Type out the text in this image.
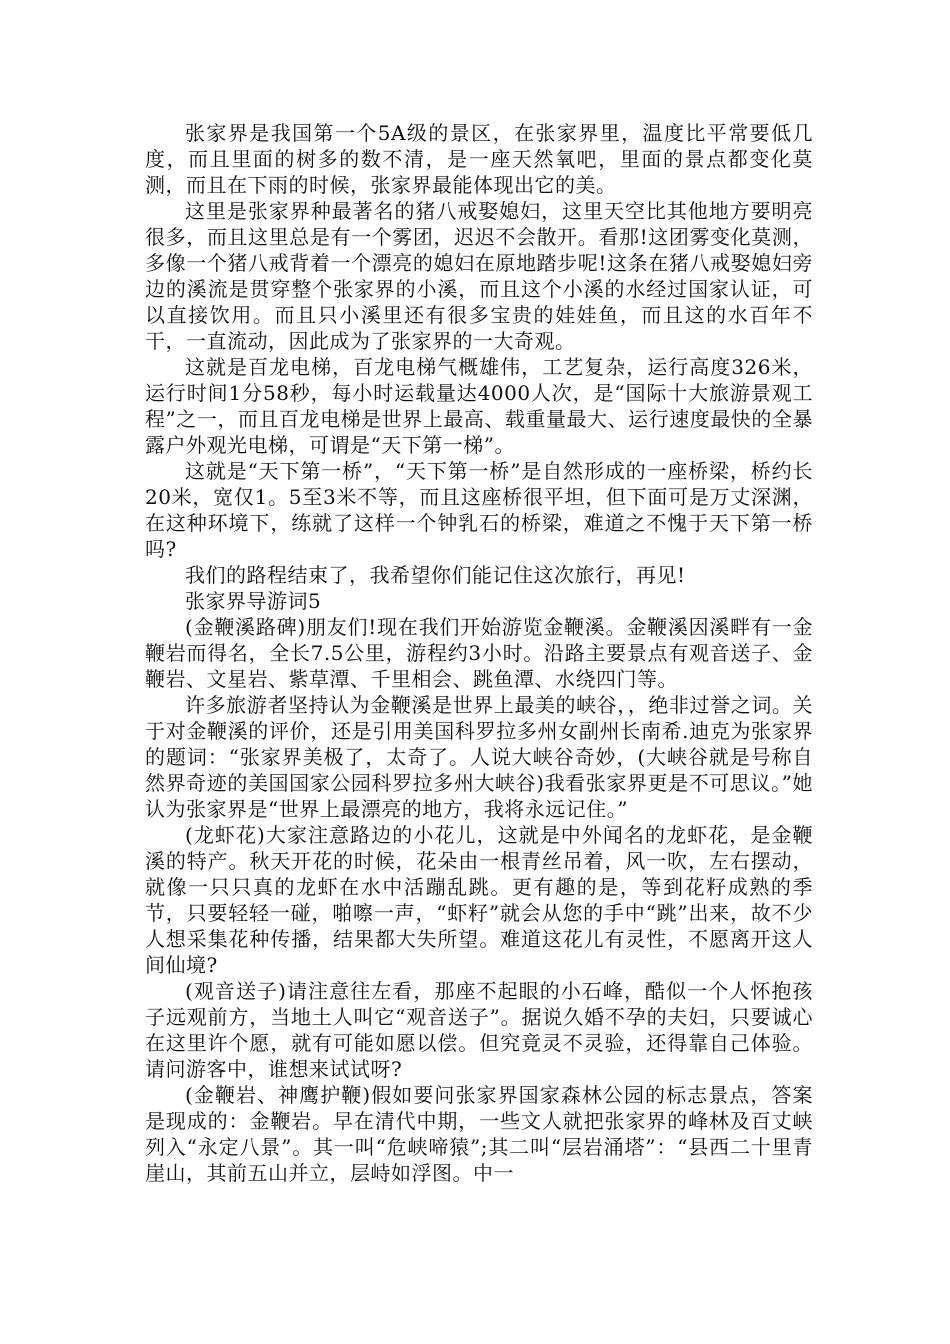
张家界是我国第一个5A级的景区，在张家界里，温度比平常要低几度，而且里面的树多的数不清，是一座天然氧吧，里面的景点都变化莫测，而且在下雨的时候，张家界最能体现出它的美。

这里是张家界种最著名的猪八戒娶媳妇，这里天空比其他地方要明亮很多，而且这里总是有一个雾团，迟迟不会散开。看那!这团雾变化莫测，多像一个猪八戒背着一个漂亮的媳妇在原地踏步呢!这条在猪八戒娶媳妇旁边的溪流是贯穿整个张家界的小溪，而且这个小溪的水经过国家认证，可以直接饮用。而且只小溪里还有很多宝贵的娃娃鱼，而且这的水百年不干，一直流动，因此成为了张家界的一大奇观。

这就是百龙电梯，百龙电梯气概雄伟，工艺复杂，运行高度326米，运行时间1分58秒，每小时运载量达4000人次，是“国际十大旅游景观工程”之一，而且百龙电梯是世界上最高、载重量最大、运行速度最快的全暴露户外观光电梯，可谓是“天下第一梯”。

这就是“天下第一桥”，“天下第一桥”是自然形成的一座桥梁，桥约长20米，宽仅1。5至3米不等，而且这座桥很平坦，但下面可是万丈深渊，在这种环境下，练就了这样一个钟乳石的桥梁，难道之不愧于天下第一桥吗?

我们的路程结束了，我希望你们能记住这次旅行，再见!

张家界导游词5

(金鞭溪路碑)朋友们!现在我们开始游览金鞭溪。金鞭溪因溪畔有一金鞭岩而得名，全长7.5公里，游程约3小时。沿路主要景点有观音送子、金鞭岩、文星岩、紫草潭、千里相会、跳鱼潭、水绕四门等。

许多旅游者坚持认为金鞭溪是世界上最美的峡谷，，绝非过誉之词。关于对金鞭溪的评价，还是引用美国科罗拉多州女副州长南希.迪克为张家界的题词：“张家界美极了，太奇了。人说大峡谷奇妙，(大峡谷就是号称自然界奇迹的美国国家公园科罗拉多州大峡谷)我看张家界更是不可思议。”她认为张家界是“世界上最漂亮的地方，我将永远记住。”

(龙虾花)大家注意路边的小花儿，这就是中外闻名的龙虾花，是金鞭溪的特产。秋天开花的时候，花朵由一根青丝吊着，风一吹，左右摆动，就像一只只真的龙虾在水中活蹦乱跳。更有趣的是，等到花籽成熟的季节，只要轻轻一碰，啪嚓一声，“虾籽”就会从您的手中“跳”出来，故不少人想采集花种传播，结果都大失所望。难道这花儿有灵性，不愿离开这人间仙境?

(观音送子)请注意往左看，那座不起眼的小石峰，酷似一个人怀抱孩子远观前方，当地土人叫它“观音送子”。据说久婚不孕的夫妇，只要诚心在这里许个愿，就有可能如愿以偿。但究竟灵不灵验，还得靠自己体验。请问游客中，谁想来试试呀?

(金鞭岩、神鹰护鞭)假如要问张家界国家森林公园的标志景点，答案是现成的：金鞭岩。早在清代中期，一些文人就把张家界的峰林及百丈峡列入“永定八景”。其一叫“危峡啼猿”;其二叫“层岩涌塔”：“县西二十里青崖山，其前五山并立，层峙如浮图。中一
